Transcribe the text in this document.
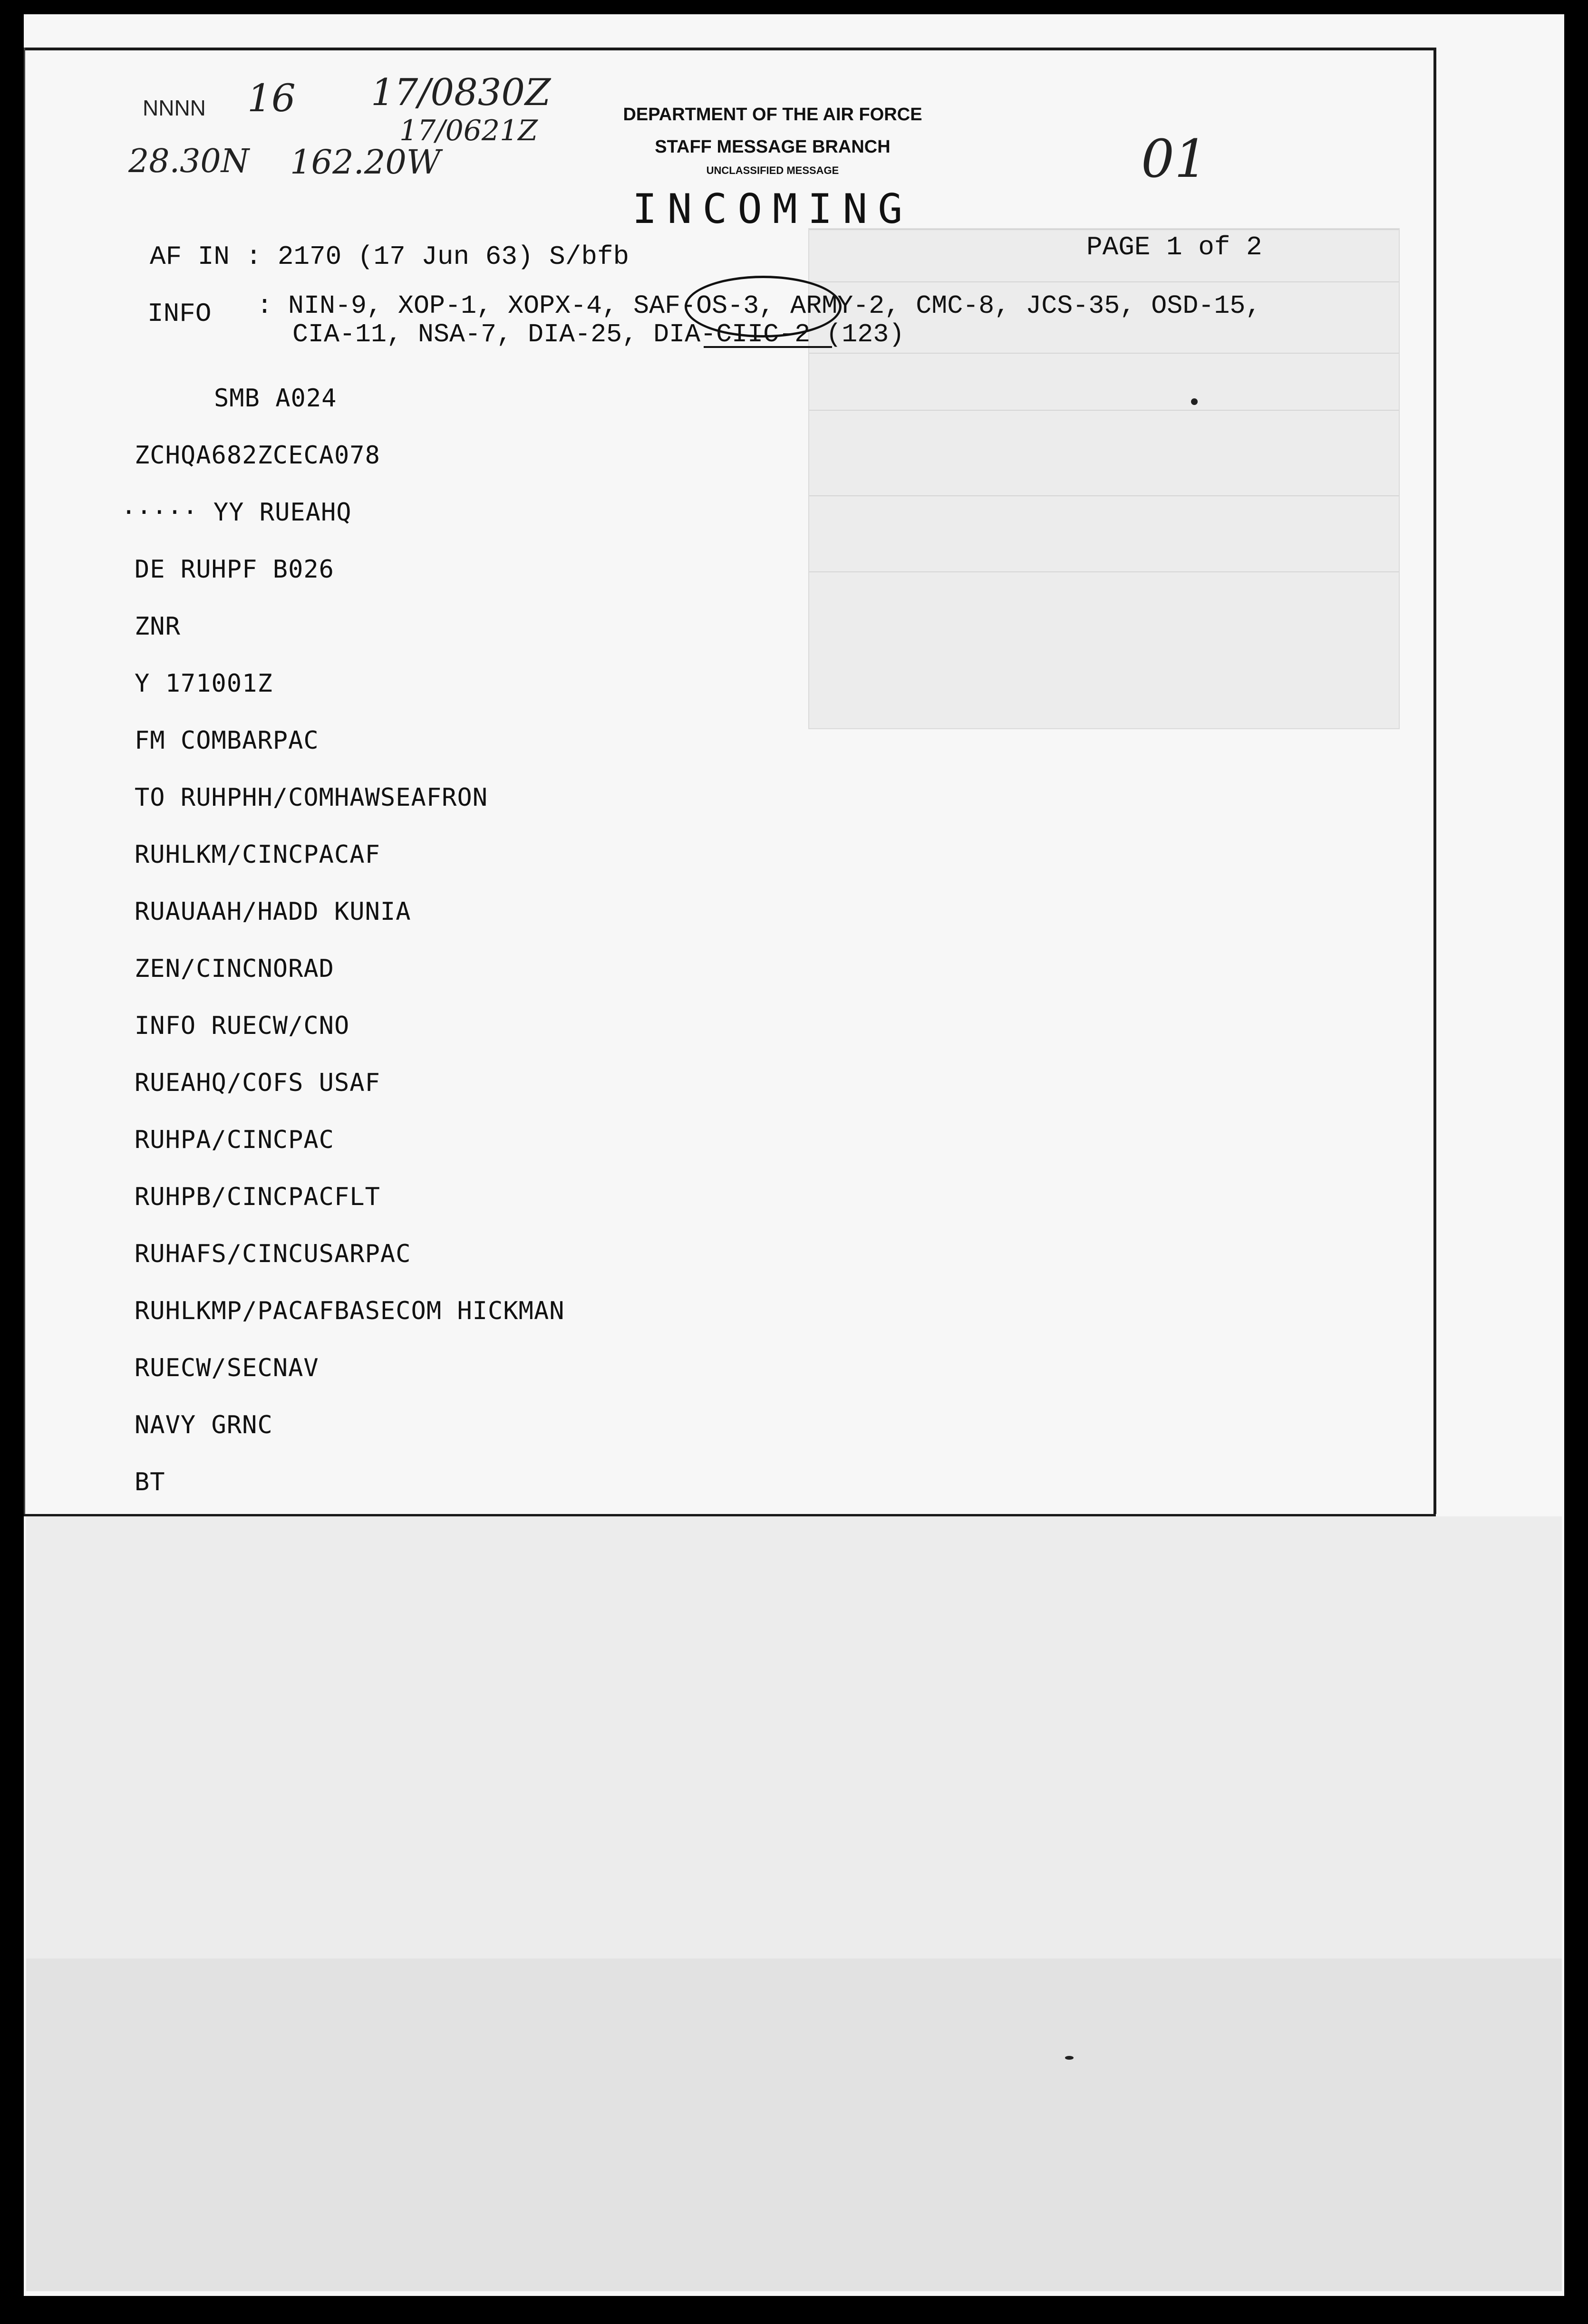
NNNN 16 17/0830Z
17/0621Z
28.30N 162.20W	01
DEPARTMENT OF THE AIR FORCE
STAFF MESSAGE BRANCH
UNCLASSIFIED MESSAGE
INCOMING
AF IN : 2170 (17 Jun 63) S/bfb	PAGE 1 of 2
INFO : NIN-9, XOP-1, XOPX-4, SAF-OS-3, ARMY-2, CMC-8, JCS-35, OSD-15,
CIA-11, NSA-7, DIA-25, DIA-CIIC-2 (123)
SMB A024
ZCHQA682ZCECA078
····· YY RUEAHQ
DE RUHPF B026
ZNR
Y 171001Z
FM COMBARPAC
TO RUHPHH/COMHAWSEAFRON
RUHLKM/CINCPACAF
RUAUAAH/HADD KUNIA
ZEN/CINCNORAD
INFO RUECW/CNO
RUEAHQ/COFS USAF
RUHPA/CINCPAC
RUHPB/CINCPACFLT
RUHAFS/CINCUSARPAC
RUHLKMP/PACAFBASECOM HICKMAN
RUECW/SECNAV
NAVY GRNC
BT
